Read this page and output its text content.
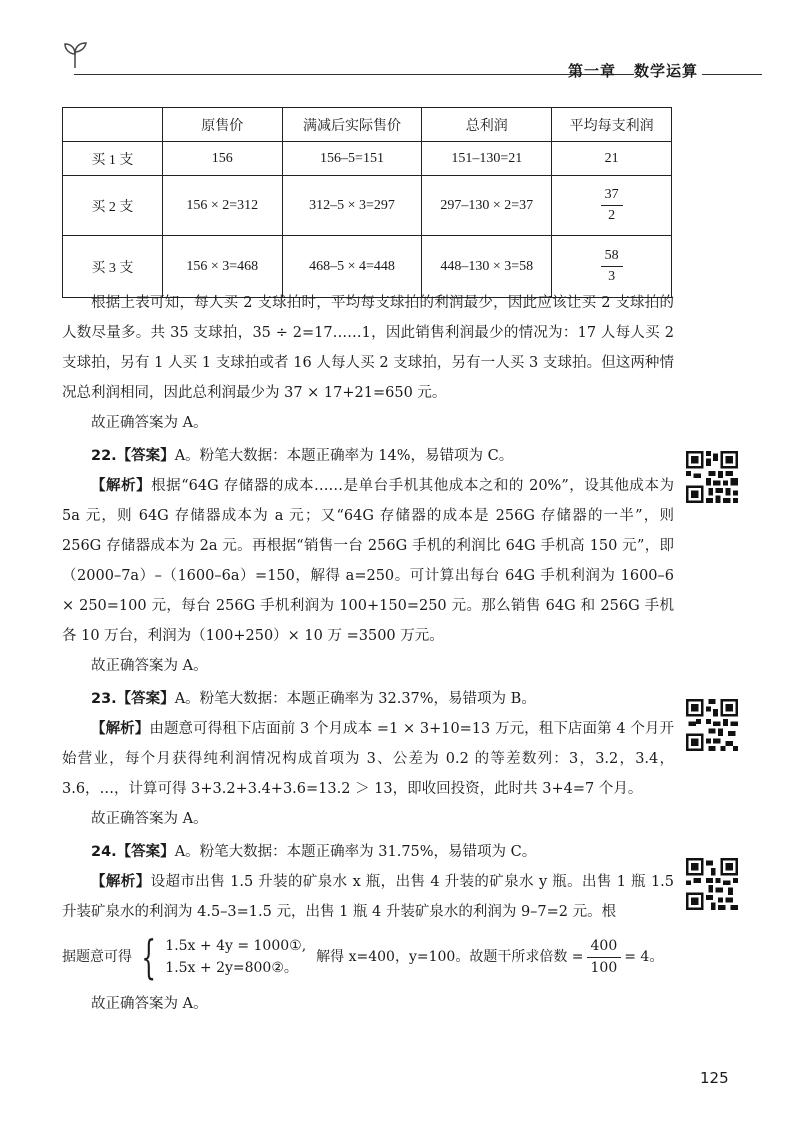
第一章 数学运算
	原售价	满减后实际售价	总利润	平均每支利润
买 1 支	156	156–5=151	151–130=21	21
买 2 支	156 × 2=312	312–5 × 3=297	297–130 × 2=37	$\frac{37}{2}$

买 3 支	156 × 3=468	468–5 × 4=448	448–130 × 3=58	$\frac{58}{3}$

根据上表可知，每人买 2 支球拍时，平均每支球拍的利润最少，因此应该让买 2 支球拍的人数尽量多。共 35 支球拍，35 ÷ 2=17……1，因此销售利润最少的情况为：17 人每人买 2 支球拍，另有 1 人买 1 支球拍或者 16 人每人买 2 支球拍，另有一人买 3 支球拍。但这两种情况总利润相同，因此总利润最少为 37 × 17+21=650 元。

故正确答案为 A。

22.【答案】A。粉笔大数据：本题正确率为 14%，易错项为 C。

【解析】根据“64G 存储器的成本……是单台手机其他成本之和的 20%”，设其他成本为 5a 元，则 64G 存储器成本为 a 元；又“64G 存储器的成本是 256G 存储器的一半”，则 256G 存储器成本为 2a 元。再根据“销售一台 256G 手机的利润比 64G 手机高 150 元”，即（2000–7a）–（1600–6a）=150，解得 a=250。可计算出每台 64G 手机利润为 1600–6 × 250=100 元，每台 256G 手机利润为 100+150=250 元。那么销售 64G 和 256G 手机各 10 万台，利润为（100+250）× 10 万 =3500 万元。

故正确答案为 A。

23.【答案】A。粉笔大数据：本题正确率为 32.37%，易错项为 B。

【解析】由题意可得租下店面前 3 个月成本 =1 × 3+10=13 万元，租下店面第 4 个月开始营业，每个月获得纯利润情况构成首项为 3、公差为 0.2 的等差数列：3，3.2，3.4，3.6，…，计算可得 3+3.2+3.4+3.6=13.2 ＞ 13，即收回投资，此时共 3+4=7 个月。

故正确答案为 A。

24.【答案】A。粉笔大数据：本题正确率为 31.75%，易错项为 C。

【解析】设超市出售 1.5 升装的矿泉水 x 瓶，出售 4 升装的矿泉水 y 瓶。出售 1 瓶 1.5 升装矿泉水的利润为 4.5–3=1.5 元，出售 1 瓶 4 升装矿泉水的利润为 9–7=2 元。根

据题意可得 { 1.5x + 4y = 1000①,
1.5x + 2y=800②。
解得 x=400，y=100。故题干所求倍数 = $\frac{400}{100} = 4$。

故正确答案为 A。

125
